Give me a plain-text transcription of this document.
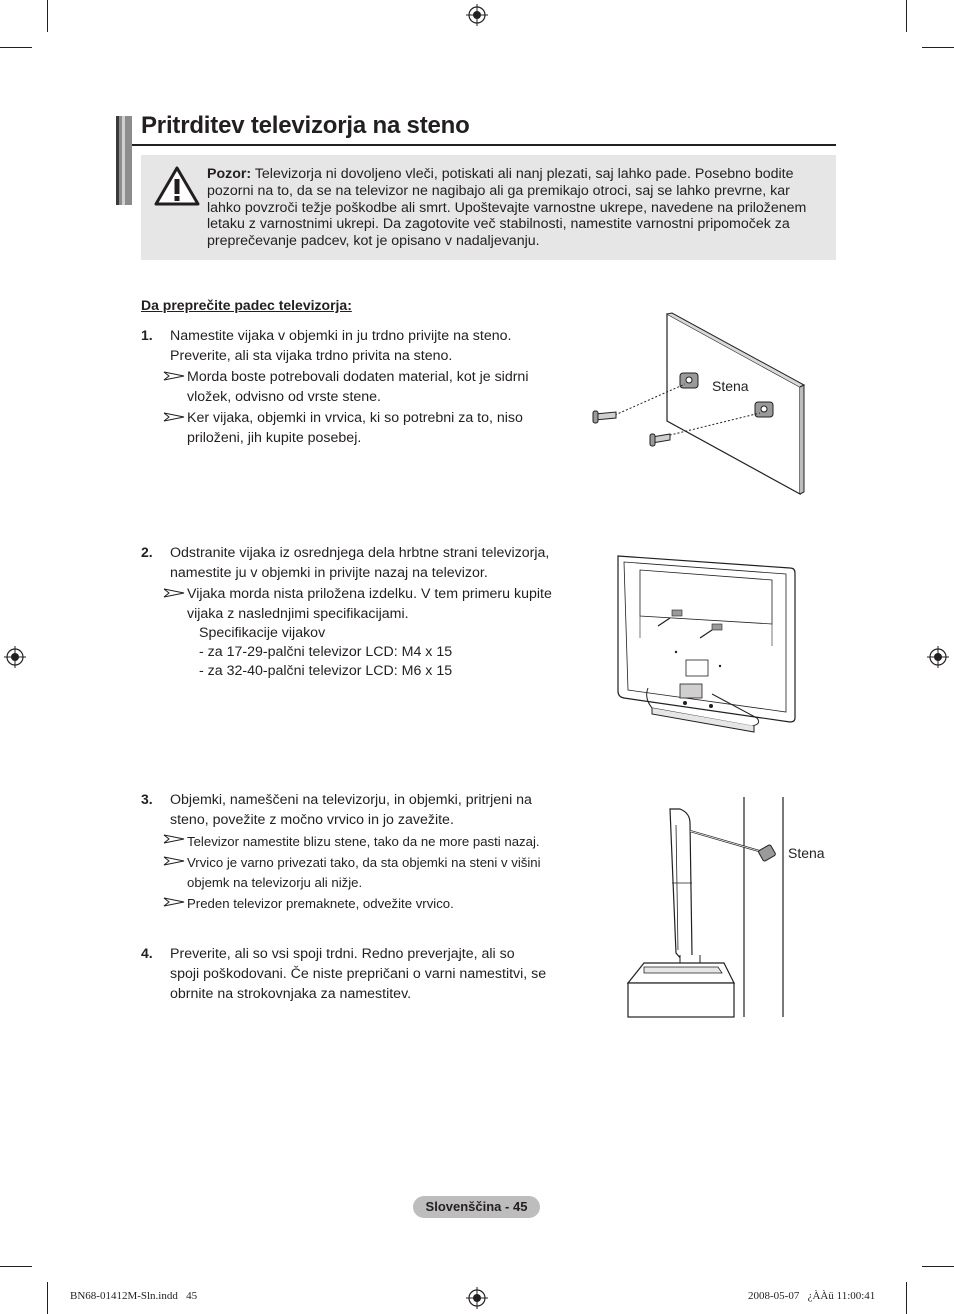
Pritrditev televizorja na steno
Pozor: Televizorja ni dovoljeno vleči, potiskati ali nanj plezati, saj lahko pade. Posebno bodite pozorni na to, da se na televizor ne nagibajo ali ga premikajo otroci, saj se lahko prevrne, kar lahko povzroči težje poškodbe ali smrt. Upoštevajte varnostne ukrepe, navedene na priloženem letaku z varnostnimi ukrepi. Da zagotovite več stabilnosti, namestite varnostni pripomoček za preprečevanje padcev, kot je opisano v nadaljevanju.
Da preprečite padec televizorja:
1. Namestite vijaka v objemki in ju trdno privijte na steno.
Preverite, ali sta vijaka trdno privita na steno.
Morda boste potrebovali dodaten material, kot je sidrni
vložek, odvisno od vrste stene.
Ker vijaka, objemki in vrvica, ki so potrebni za to, niso
priloženi, jih kupite posebej.
Stena
2. Odstranite vijaka iz osrednjega dela hrbtne strani televizorja,
namestite ju v objemki in privijte nazaj na televizor.
Vijaka morda nista priložena izdelku. V tem primeru kupite
vijaka z naslednjimi specifikacijami.
Specifikacije vijakov
- za 17-29-palčni televizor LCD: M4 x 15
- za 32-40-palčni televizor LCD: M6 x 15
3. Objemki, nameščeni na televizorju, in objemki, pritrjeni na
steno, povežite z močno vrvico in jo zavežite.
Televizor namestite blizu stene, tako da ne more pasti nazaj.
Vrvico je varno privezati tako, da sta objemki na steni v višini
objemk na televizorju ali nižje.
Preden televizor premaknete, odvežite vrvico.
Stena
4. Preverite, ali so vsi spoji trdni. Redno preverjajte, ali so
spoji poškodovani. Če niste prepričani o varni namestitvi, se
obrnite na strokovnjaka za namestitev.
Slovenščina - 45
BN68-01412M-Sln.indd   45	2008-05-07   ¿ÀÀü 11:00:41
